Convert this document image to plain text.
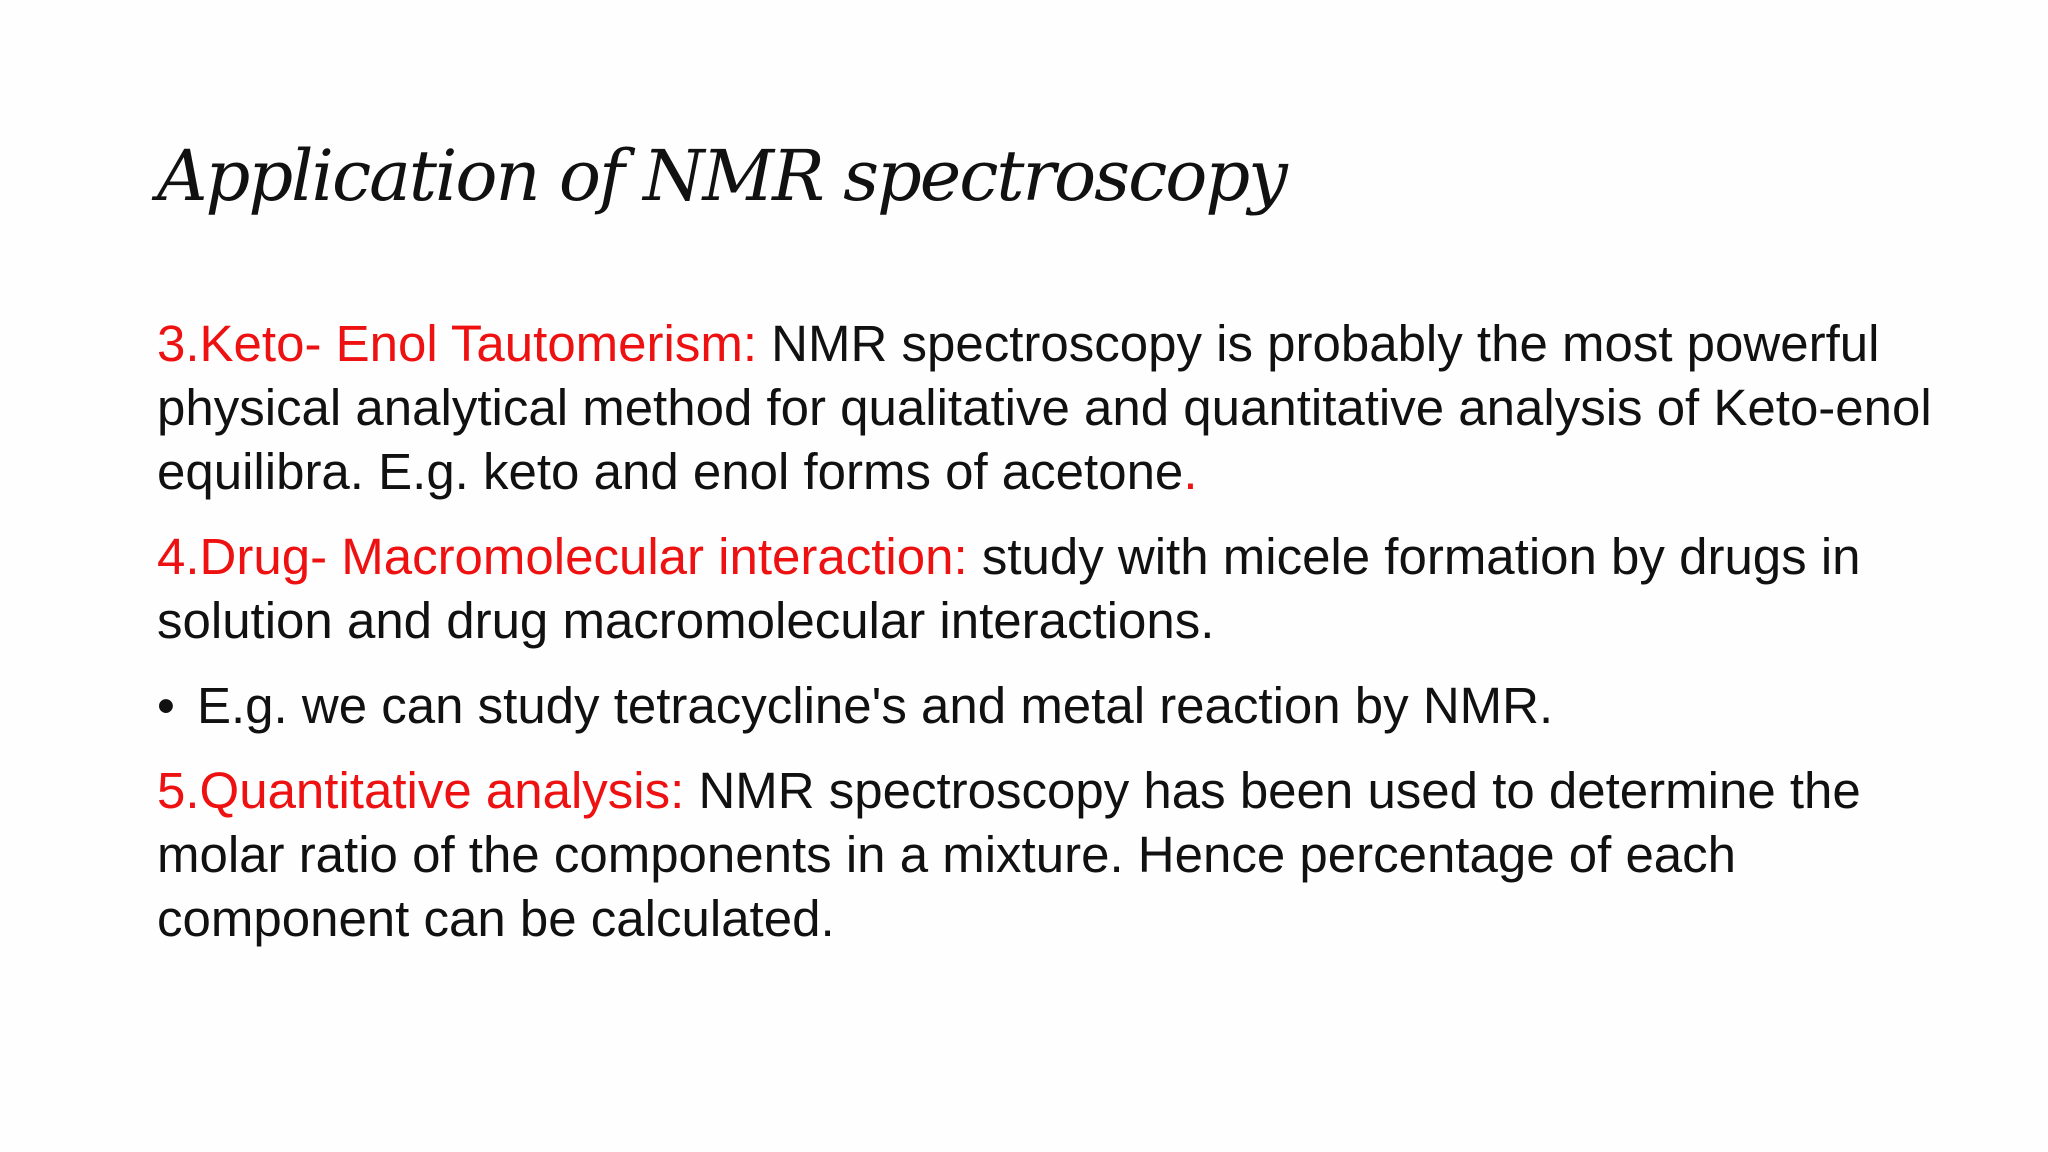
Application of NMR spectroscopy

3.Keto- Enol Tautomerism: NMR spectroscopy is probably the most powerful physical analytical method for qualitative and quantitative analysis of Keto-enol equilibra. E.g. keto and enol forms of acetone.

4.Drug- Macromolecular interaction: study with micele formation by drugs in solution and drug macromolecular interactions.

• E.g. we can study tetracycline's and metal reaction by NMR.

5.Quantitative analysis: NMR spectroscopy has been used to determine the molar ratio of the components in a mixture. Hence percentage of each component can be calculated.
